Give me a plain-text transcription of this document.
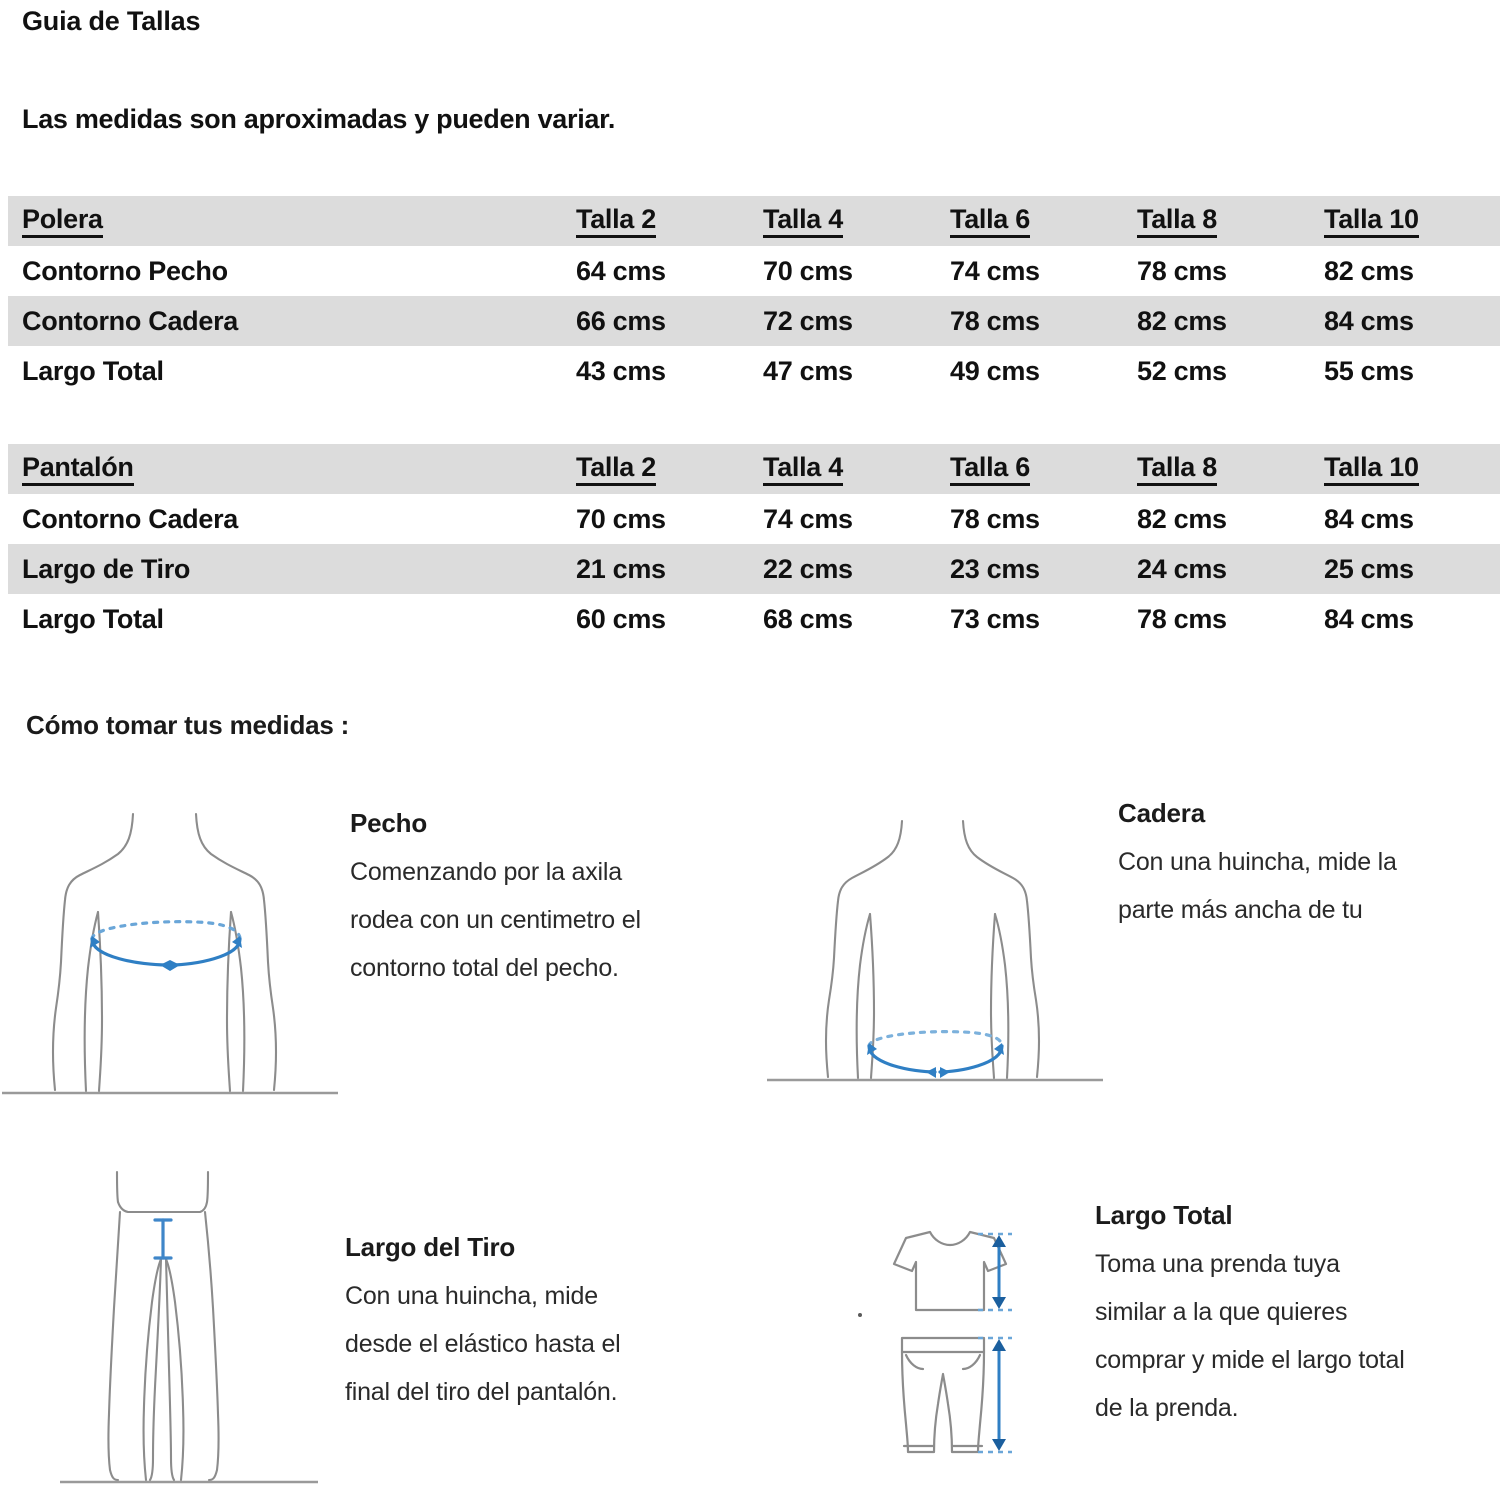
Guia de Tallas
Las medidas son aproximadas y pueden variar.
Polera	Talla 2	Talla 4	Talla 6	Talla 8	Talla 10
Contorno Pecho	64 cms	70 cms	74 cms	78 cms	82 cms
Contorno Cadera	66 cms	72 cms	78 cms	82 cms	84 cms
Largo Total	43 cms	47 cms	49 cms	52 cms	55 cms
Pantalón	Talla 2	Talla 4	Talla 6	Talla 8	Talla 10
Contorno Cadera	70 cms	74 cms	78 cms	82 cms	84 cms
Largo de Tiro	21 cms	22 cms	23 cms	24 cms	25 cms
Largo Total	60 cms	68 cms	73 cms	78 cms	84 cms
Cómo tomar tus medidas :
Pecho
Comenzando por la axila
rodea con un centimetro el
contorno total del pecho.
Cadera
Con una huincha, mide la
parte más ancha de tu
Largo del Tiro
Con una huincha, mide
desde el elástico hasta el
final del tiro del pantalón.
Largo Total
Toma una prenda tuya
similar a la que quieres
comprar y mide el largo total
de la prenda.
